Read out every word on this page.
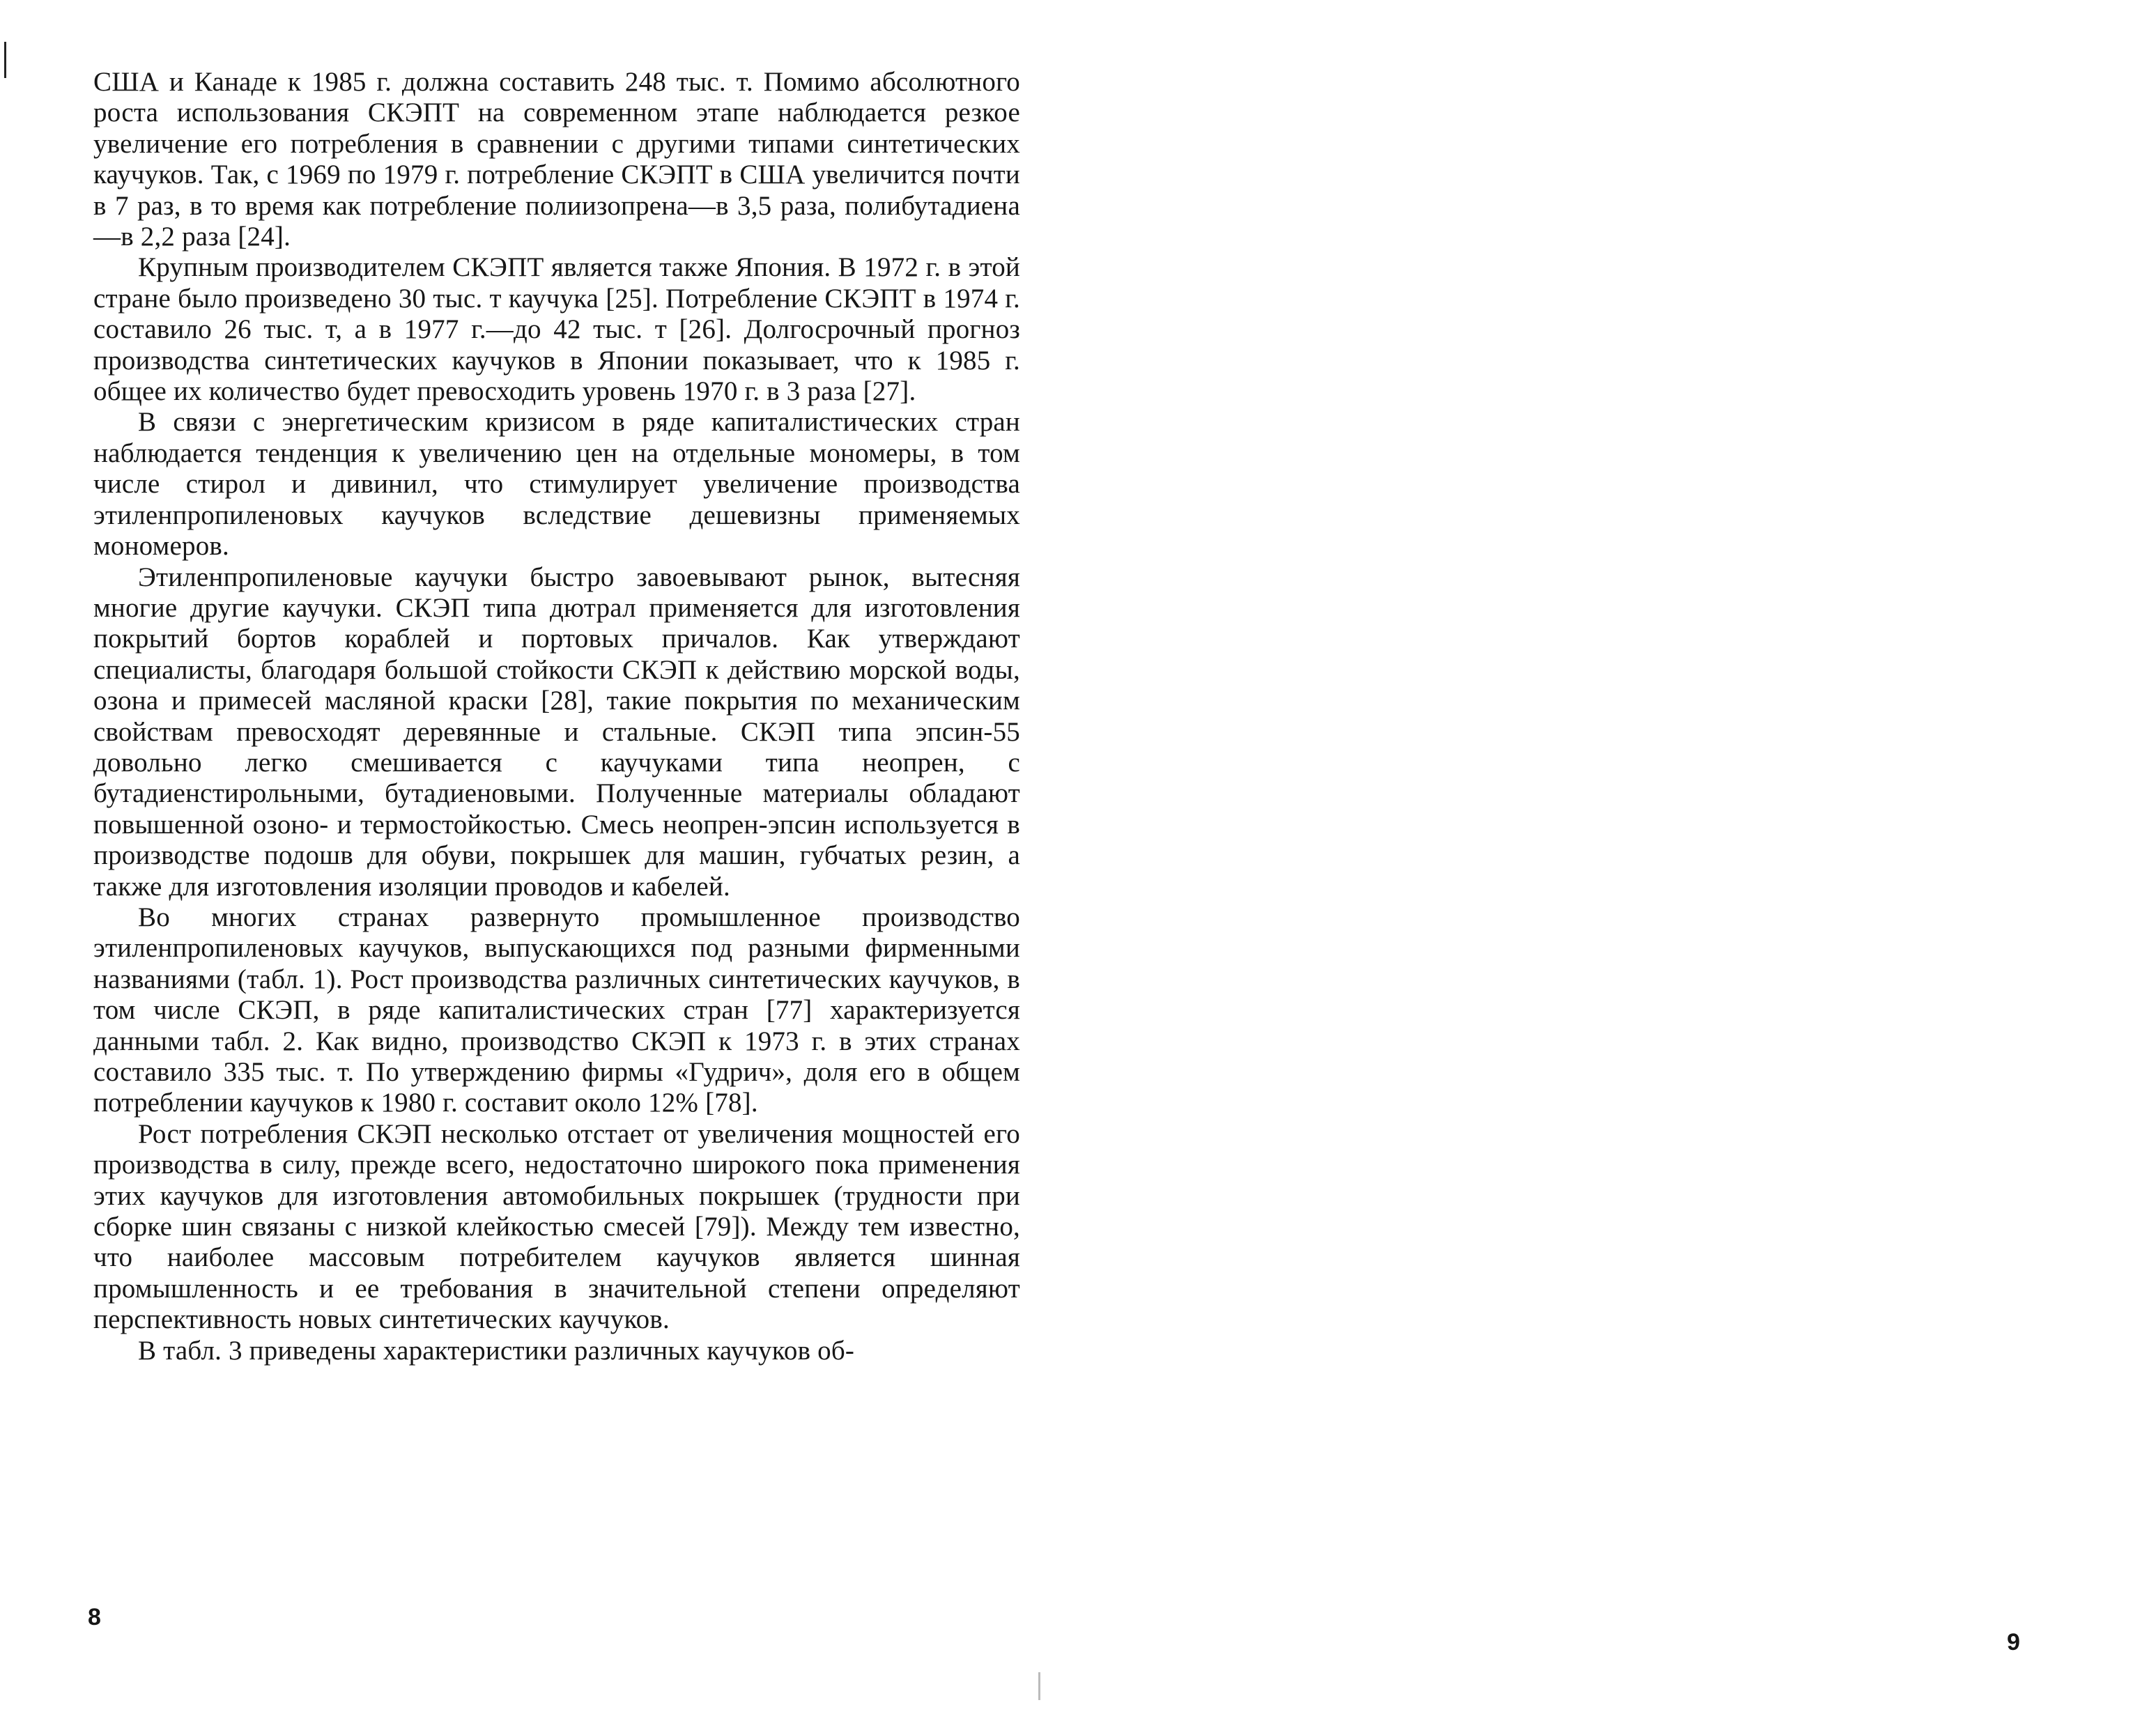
США и Канаде к 1985 г. должна составить 248 тыс. т. Помимо абсолютного роста использования СКЭПТ на современном этапе наблюдается резкое увеличение его потребления в сравнении с другими типами синтетических каучуков. Так, с 1969 по 1979 г. потребление СКЭПТ в США увеличится почти в 7 раз, в то время как потребление полиизопрена—в 3,5 раза, полибутадиена—в 2,2 раза [24].

Крупным производителем СКЭПТ является также Япония. В 1972 г. в этой стране было произведено 30 тыс. т каучука [25]. Потребление СКЭПТ в 1974 г. составило 26 тыс. т, а в 1977 г.—до 42 тыс. т [26]. Долгосрочный прогноз производства синтетических каучуков в Японии показывает, что к 1985 г. общее их количество будет превосходить уровень 1970 г. в 3 раза [27].

В связи с энергетическим кризисом в ряде капиталистических стран наблюдается тенденция к увеличению цен на отдельные мономеры, в том числе стирол и дивинил, что стимулирует увеличение производства этиленпропиленовых каучуков вследствие дешевизны применяемых мономеров.

Этиленпропиленовые каучуки быстро завоевывают рынок, вытесняя многие другие каучуки. СКЭП типа дютрал применяется для изготовления покрытий бортов кораблей и портовых причалов. Как утверждают специалисты, благодаря большой стойкости СКЭП к действию морской воды, озона и примесей масляной краски [28], такие покрытия по механическим свойствам превосходят деревянные и стальные. СКЭП типа эпсин-55 довольно легко смешивается с каучуками типа неопрен, с бутадиенстирольными, бутадиеновыми. Полученные материалы обладают повышенной озоно- и термостойкостью. Смесь неопрен-эпсин используется в производстве подошв для обуви, покрышек для машин, губчатых резин, а также для изготовления изоляции проводов и кабелей.

Во многих странах развернуто промышленное производство этиленпропиленовых каучуков, выпускающихся под разными фирменными названиями (табл. 1). Рост производства различных синтетических каучуков, в том числе СКЭП, в ряде капиталистических стран [77] характеризуется данными табл. 2. Как видно, производство СКЭП к 1973 г. в этих странах составило 335 тыс. т. По утверждению фирмы «Гудрич», доля его в общем потреблении каучуков к 1980 г. составит около 12% [78].

Рост потребления СКЭП несколько отстает от увеличения мощностей его производства в силу, прежде всего, недостаточно широкого пока применения этих каучуков для изготовления автомобильных покрышек (трудности при сборке шин связаны с низкой клейкостью смесей [79]). Между тем известно, что наиболее массовым потребителем каучуков является шинная промышленность и ее требования в значительной степени определяют перспективность новых синтетических каучуков.

В табл. 3 приведены характеристики различных каучуков об-

8

9
